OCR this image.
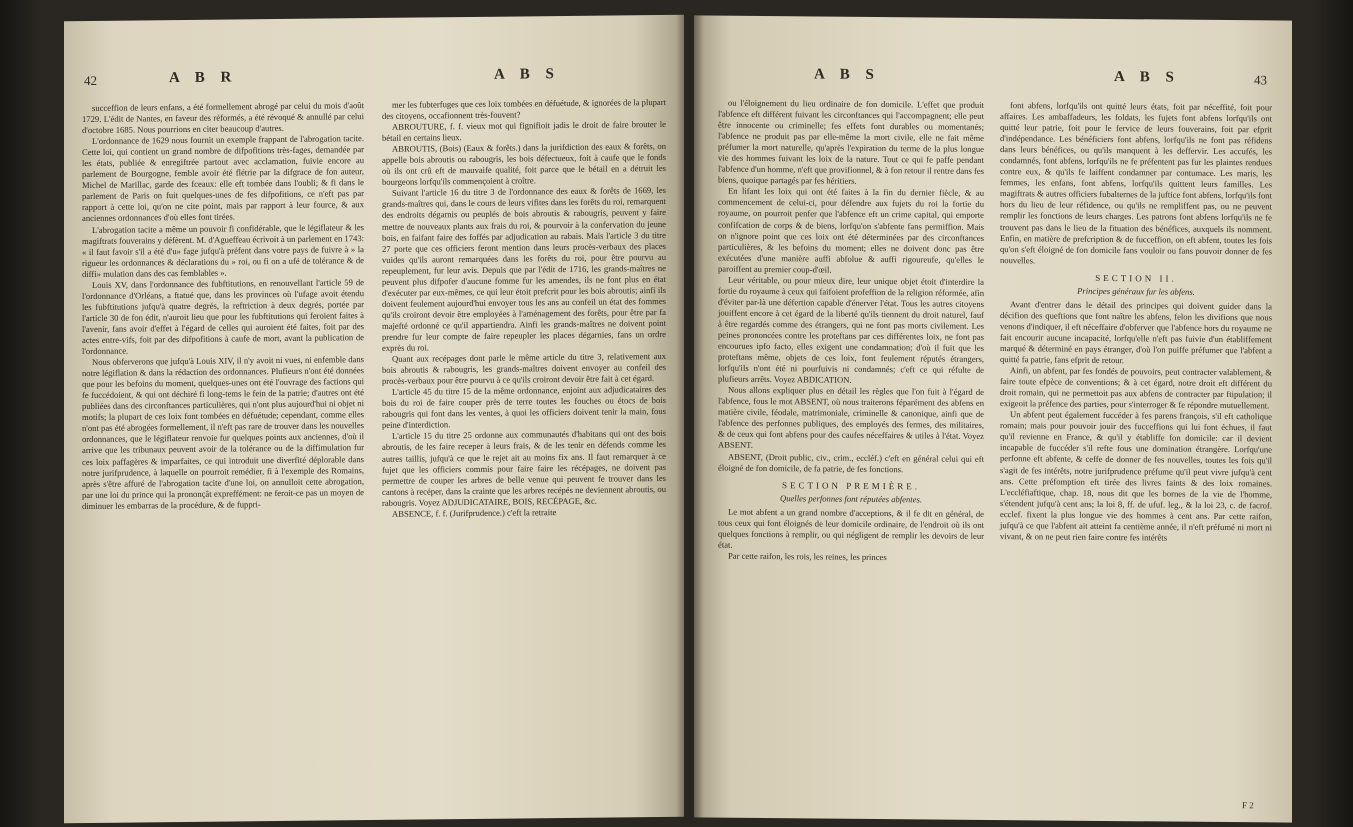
42	A B R	A B S

succeffion de leurs enfans, a été formellement abrogé par celui du mois d'août 1729. L'édit de Nantes, en faveur des réformés, a été révoqué & annullé par celui d'octobre 1685. Nous pourrions en citer beaucoup d'autres.

L'ordonnance de 1629 nous fournit un exemple frappant de l'abrogation tacite. Cette loi, qui contient un grand nombre de difpofitions très-fages, demandée par les états, publiée & enregiftrée partout avec acclamation, fuivie encore au parlement de Bourgogne, femble avoir été flétrie par la difgrace de fon auteur, Michel de Marillac, garde des fceaux: elle eft tombée dans l'oubli; & fi dans le parlement de Paris on fuit quelques-unes de fes difpofitions, ce n'eft pas par rapport à cette loi, qu'on ne cite point, mais par rapport à leur fource, & aux anciennes ordonnances d'où elles font tirées.

L'abrogation tacite a même un pouvoir fi confidérable, que le légiflateur & les magiftrats fouverains y défèrent. M. d'Agueffeau écrivoit à un parlement en 1743: « il faut favoir s'il a été d'u» fage jufqu'à préfent dans votre pays de fuivre à » la rigueur les ordonnances & déclarations du » roi, ou fi on a ufé de tolérance & de diffi» mulation dans des cas femblables ».

Louis XV, dans l'ordonnance des fubftitutions, en renouvellant l'article 59 de l'ordonnance d'Orléans, a ftatué que, dans les provinces où l'ufage avoit étendu les fubftitutions jufqu'à quatre degrés, la reftriction à deux degrés, portée par l'article 30 de fon édit, n'auroit lieu que pour les fubftitutions qui feroient faites à l'avenir, fans avoir d'effet à l'égard de celles qui auroient été faites, foit par des actes entre-vifs, foit par des difpofitions à caufe de mort, avant la publication de l'ordonnance.

Nous obferverons que jufqu'à Louis XIV, il n'y avoit ni vues, ni enfemble dans notre légiflation & dans la rédaction des ordonnances. Plufieurs n'ont été données que pour les befoins du moment, quelques-unes ont été l'ouvrage des factions qui fe fuccédoient, & qui ont déchiré fi long-tems le fein de la patrie; d'autres ont été publiées dans des circonftances particulières, qui n'ont plus aujourd'hui ni objet ni motifs; la plupart de ces loix font tombées en défuétude; cependant, comme elles n'ont pas été abrogées formellement, il n'eft pas rare de trouver dans les nouvelles ordonnances, que le légiflateur renvoie fur quelques points aux anciennes, d'où il arrive que les tribunaux peuvent avoir de la tolérance ou de la diffimulation fur ces loix paffagères & imparfaites, ce qui introduit une diverfité déplorable dans notre jurifprudence, à laquelle on pourroit remédier, fi à l'exemple des Romains, après s'être affuré de l'abrogation tacite d'une loi, on annulloit cette abrogation, par une loi du prince qui la prononçât expreffément: ne feroit-ce pas un moyen de diminuer les embarras de la procédure, & de fuppri-

mer les fubterfuges que ces loix tombées en défuétude, & ignorées de la plupart des citoyens, occafionnent très-fouvent?

ABROUTURE, f. f. vieux mot qui fignifioit jadis le droit de faire brouter le bétail en certains lieux.

ABROUTIS, (Bois) (Eaux & forêts.) dans la jurifdiction des eaux & forêts, on appelle bois abroutis ou rabougris, les bois défectueux, foit à caufe que le fonds où ils ont crû eft de mauvaife qualité, foit parce que le bétail en a détruit les bourgeons lorfqu'ils commençoient à croître.

Suivant l'article 16 du titre 3 de l'ordonnance des eaux & forêts de 1669, les grands-maîtres qui, dans le cours de leurs vifites dans les forêts du roi, remarquent des endroits dégarnis ou peuplés de bois abroutis & rabougris, peuvent y faire mettre de nouveaux plants aux frais du roi, & pourvoir à la confervation du jeune bois, en faifant faire des foffés par adjudication au rabais. Mais l'article 3 du titre 27 porte que ces officiers feront mention dans leurs procès-verbaux des places vuides qu'ils auront remarquées dans les forêts du roi, pour être pourvu au repeuplement, fur leur avis. Depuis que par l'édit de 1716, les grands-maîtres ne peuvent plus difpofer d'aucune fomme fur les amendes, ils ne font plus en état d'exécuter par eux-mêmes, ce qui leur étoit prefcrit pour les bois abroutis; ainfi ils doivent feulement aujourd'hui envoyer tous les ans au confeil un état des fommes qu'ils croiront devoir être employées à l'aménagement des forêts, pour être par fa majefté ordonné ce qu'il appartiendra. Ainfi les grands-maîtres ne doivent point prendre fur leur compte de faire repeupler les places dégarnies, fans un ordre exprès du roi.

Quant aux recépages dont parle le même article du titre 3, relativement aux bois abroutis & rabougris, les grands-maîtres doivent envoyer au confeil des procès-verbaux pour être pourvu à ce qu'ils croiront devoir être fait à cet égard.

L'article 45 du titre 15 de la même ordonnance, enjoint aux adjudicataires des bois du roi de faire couper près de terre toutes les fouches ou étocs de bois rabougris qui font dans les ventes, à quoi les officiers doivent tenir la main, fous peine d'interdiction.

L'article 15 du titre 25 ordonne aux communautés d'habitans qui ont des bois abroutis, de les faire receper à leurs frais, & de les tenir en défends comme les autres taillis, jufqu'à ce que le rejet ait au moins fix ans. Il faut remarquer à ce fujet que les officiers commis pour faire faire les récépages, ne doivent pas permettre de couper les arbres de belle venue qui peuvent fe trouver dans les cantons à recéper, dans la crainte que les arbres recépés ne deviennent abroutis, ou rabougris. Voyez ADJUDICATAIRE, BOIS, RECÉPAGE, &c.

ABSENCE, f. f. (Jurifprudence.) c'eft la retraite

A B S	A B S	43

ou l'éloignement du lieu ordinaire de fon domicile. L'effet que produit l'abfence eft différent fuivant les circonftances qui l'accompagnent; elle peut être innocente ou criminelle; fes effets font durables ou momentanés; l'abfence ne produit pas par elle-même la mort civile, elle ne fait même préfumer la mort naturelle, qu'après l'expiration du terme de la plus longue vie des hommes fuivant les loix de la nature. Tout ce qui fe paffe pendant l'abfence d'un homme, n'eft que provifionnel, & à fon retour il rentre dans fes biens, quoique partagés par fes héritiers.

En lifant les loix qui ont été faites à la fin du dernier fiècle, & au commencement de celui-ci, pour défendre aux fujets du roi la fortie du royaume, on pourroit penfer que l'abfence eft un crime capital, qui emporte confifcation de corps & de biens, lorfqu'on s'abfente fans permiffion. Mais on n'ignore point que ces loix ont été déterminées par des circonftances particulières, & les befoins du moment; elles ne doivent donc pas être exécutées d'une manière auffi abfolue & auffi rigoureufe, qu'elles le paroiffent au premier coup-d'œil.

Leur véritable, ou pour mieux dire, leur unique objet étoit d'interdire la fortie du royaume à ceux qui faifoient profeffion de la religion réformée, afin d'éviter par-là une défertion capable d'énerver l'état. Tous les autres citoyens jouiffent encore à cet égard de la liberté qu'ils tiennent du droit naturel, fauf à être regardés comme des étrangers, qui ne font pas morts civilement. Les peines prononcées contre les proteftans par ces différentes loix, ne font pas encourues ipfo facto, elles exigent une condamnation; d'où il fuit que les proteftans même, objets de ces loix, font feulement réputés étrangers, lorfqu'ils n'ont été ni pourfuivis ni condamnés; c'eft ce qui réfulte de plufieurs arrêts. Voyez ABDICATION.

Nous allons expliquer plus en détail les règles que l'on fuit à l'égard de l'abfence, fous le mot ABSENT, où nous traiterons féparément des abfens en matière civile, féodale, matrimoniale, criminelle & canonique, ainfi que de l'abfence des perfonnes publiques, des employés des fermes, des militaires, & de ceux qui font abfens pour des caufes néceffaires & utiles à l'état. Voyez ABSENT.

ABSENT, (Droit public, civ., crim., eccléf.) c'eft en général celui qui eft éloigné de fon domicile, de fa patrie, de fes fonctions.

SECTION PREMIÈRE.

Quelles perfonnes font réputées abfentes.

Le mot abfent a un grand nombre d'acceptions, & il fe dit en général, de tous ceux qui font éloignés de leur domicile ordinaire, de l'endroit où ils ont quelques fonctions à remplir, ou qui négligent de remplir les devoirs de leur état.

Par cette raifon, les rois, les reines, les princes

font abfens, lorfqu'ils ont quitté leurs états, foit par néceffité, foit pour affaires. Les ambaffadeurs, les foldats, les fujets font abfens lorfqu'ils ont quitté leur patrie, foit pour le fervice de leurs fouverains, foit par efprit d'indépendance. Les bénéficiers font abfens, lorfqu'ils ne font pas réfidens dans leurs bénéfices, ou qu'ils manquent à les deffervir. Les accufés, les condamnés, font abfens, lorfqu'ils ne fe préfentent pas fur les plaintes rendues contre eux, & qu'ils fe laiffent condamner par contumace. Les maris, les femmes, les enfans, font abfens, lorfqu'ils quittent leurs familles. Les magiftrats & autres officiers fubalternes de la juftice font abfens, lorfqu'ils font hors du lieu de leur réfidence, ou qu'ils ne rempliffent pas, ou ne peuvent remplir les fonctions de leurs charges. Les patrons font abfens lorfqu'ils ne fe trouvent pas dans le lieu de la fituation des bénéfices, auxquels ils nomment. Enfin, en matière de prefcription & de fucceffion, on eft abfent, toutes les fois qu'on s'eft éloigné de fon domicile fans vouloir ou fans pouvoir donner de fes nouvelles.

SECTION II.

Principes généraux fur les abfens.

Avant d'entrer dans le détail des principes qui doivent guider dans la décifion des queftions que font naître les abfens, felon les divifions que nous venons d'indiquer, il eft néceffaire d'obferver que l'abfence hors du royaume ne fait encourir aucune incapacité, lorfqu'elle n'eft pas fuivie d'un établiffement marqué & déterminé en pays étranger, d'où l'on puiffe préfumer que l'abfent a quitté fa patrie, fans efprit de retour.

Ainfi, un abfent, par fes fondés de pouvoirs, peut contracter valablement, & faire toute efpèce de conventions; & à cet égard, notre droit eft différent du droit romain, qui ne permettoit pas aux abfens de contracter par ftipulation; il exigeoit la préfence des parties, pour s'interroger & fe répondre mutuellement.

Un abfent peut également fuccéder à fes parens françois, s'il eft catholique romain; mais pour pouvoir jouir des fucceffions qui lui font échues, il faut qu'il revienne en France, & qu'il y établiffe fon domicile: car il devient incapable de fuccéder s'il refte fous une domination étrangère. Lorfqu'une perfonne eft abfente, & ceffe de donner de fes nouvelles, toutes les fois qu'il s'agit de fes intérêts, notre jurifprudence préfume qu'il peut vivre jufqu'à cent ans. Cette préfomption eft tirée des livres faints & des loix romaines. L'eccléfiaftique, chap. 18, nous dit que les bornes de la vie de l'homme, s'étendent jufqu'à cent ans; la loi 8, ff. de ufuf. leg., & la loi 23, c. de facrof. ecclef. fixent la plus longue vie des hommes à cent ans. Par cette raifon, jufqu'à ce que l'abfent ait atteint fa centième année, il n'eft préfumé ni mort ni vivant, & on ne peut rien faire contre fes intérêts

F 2
